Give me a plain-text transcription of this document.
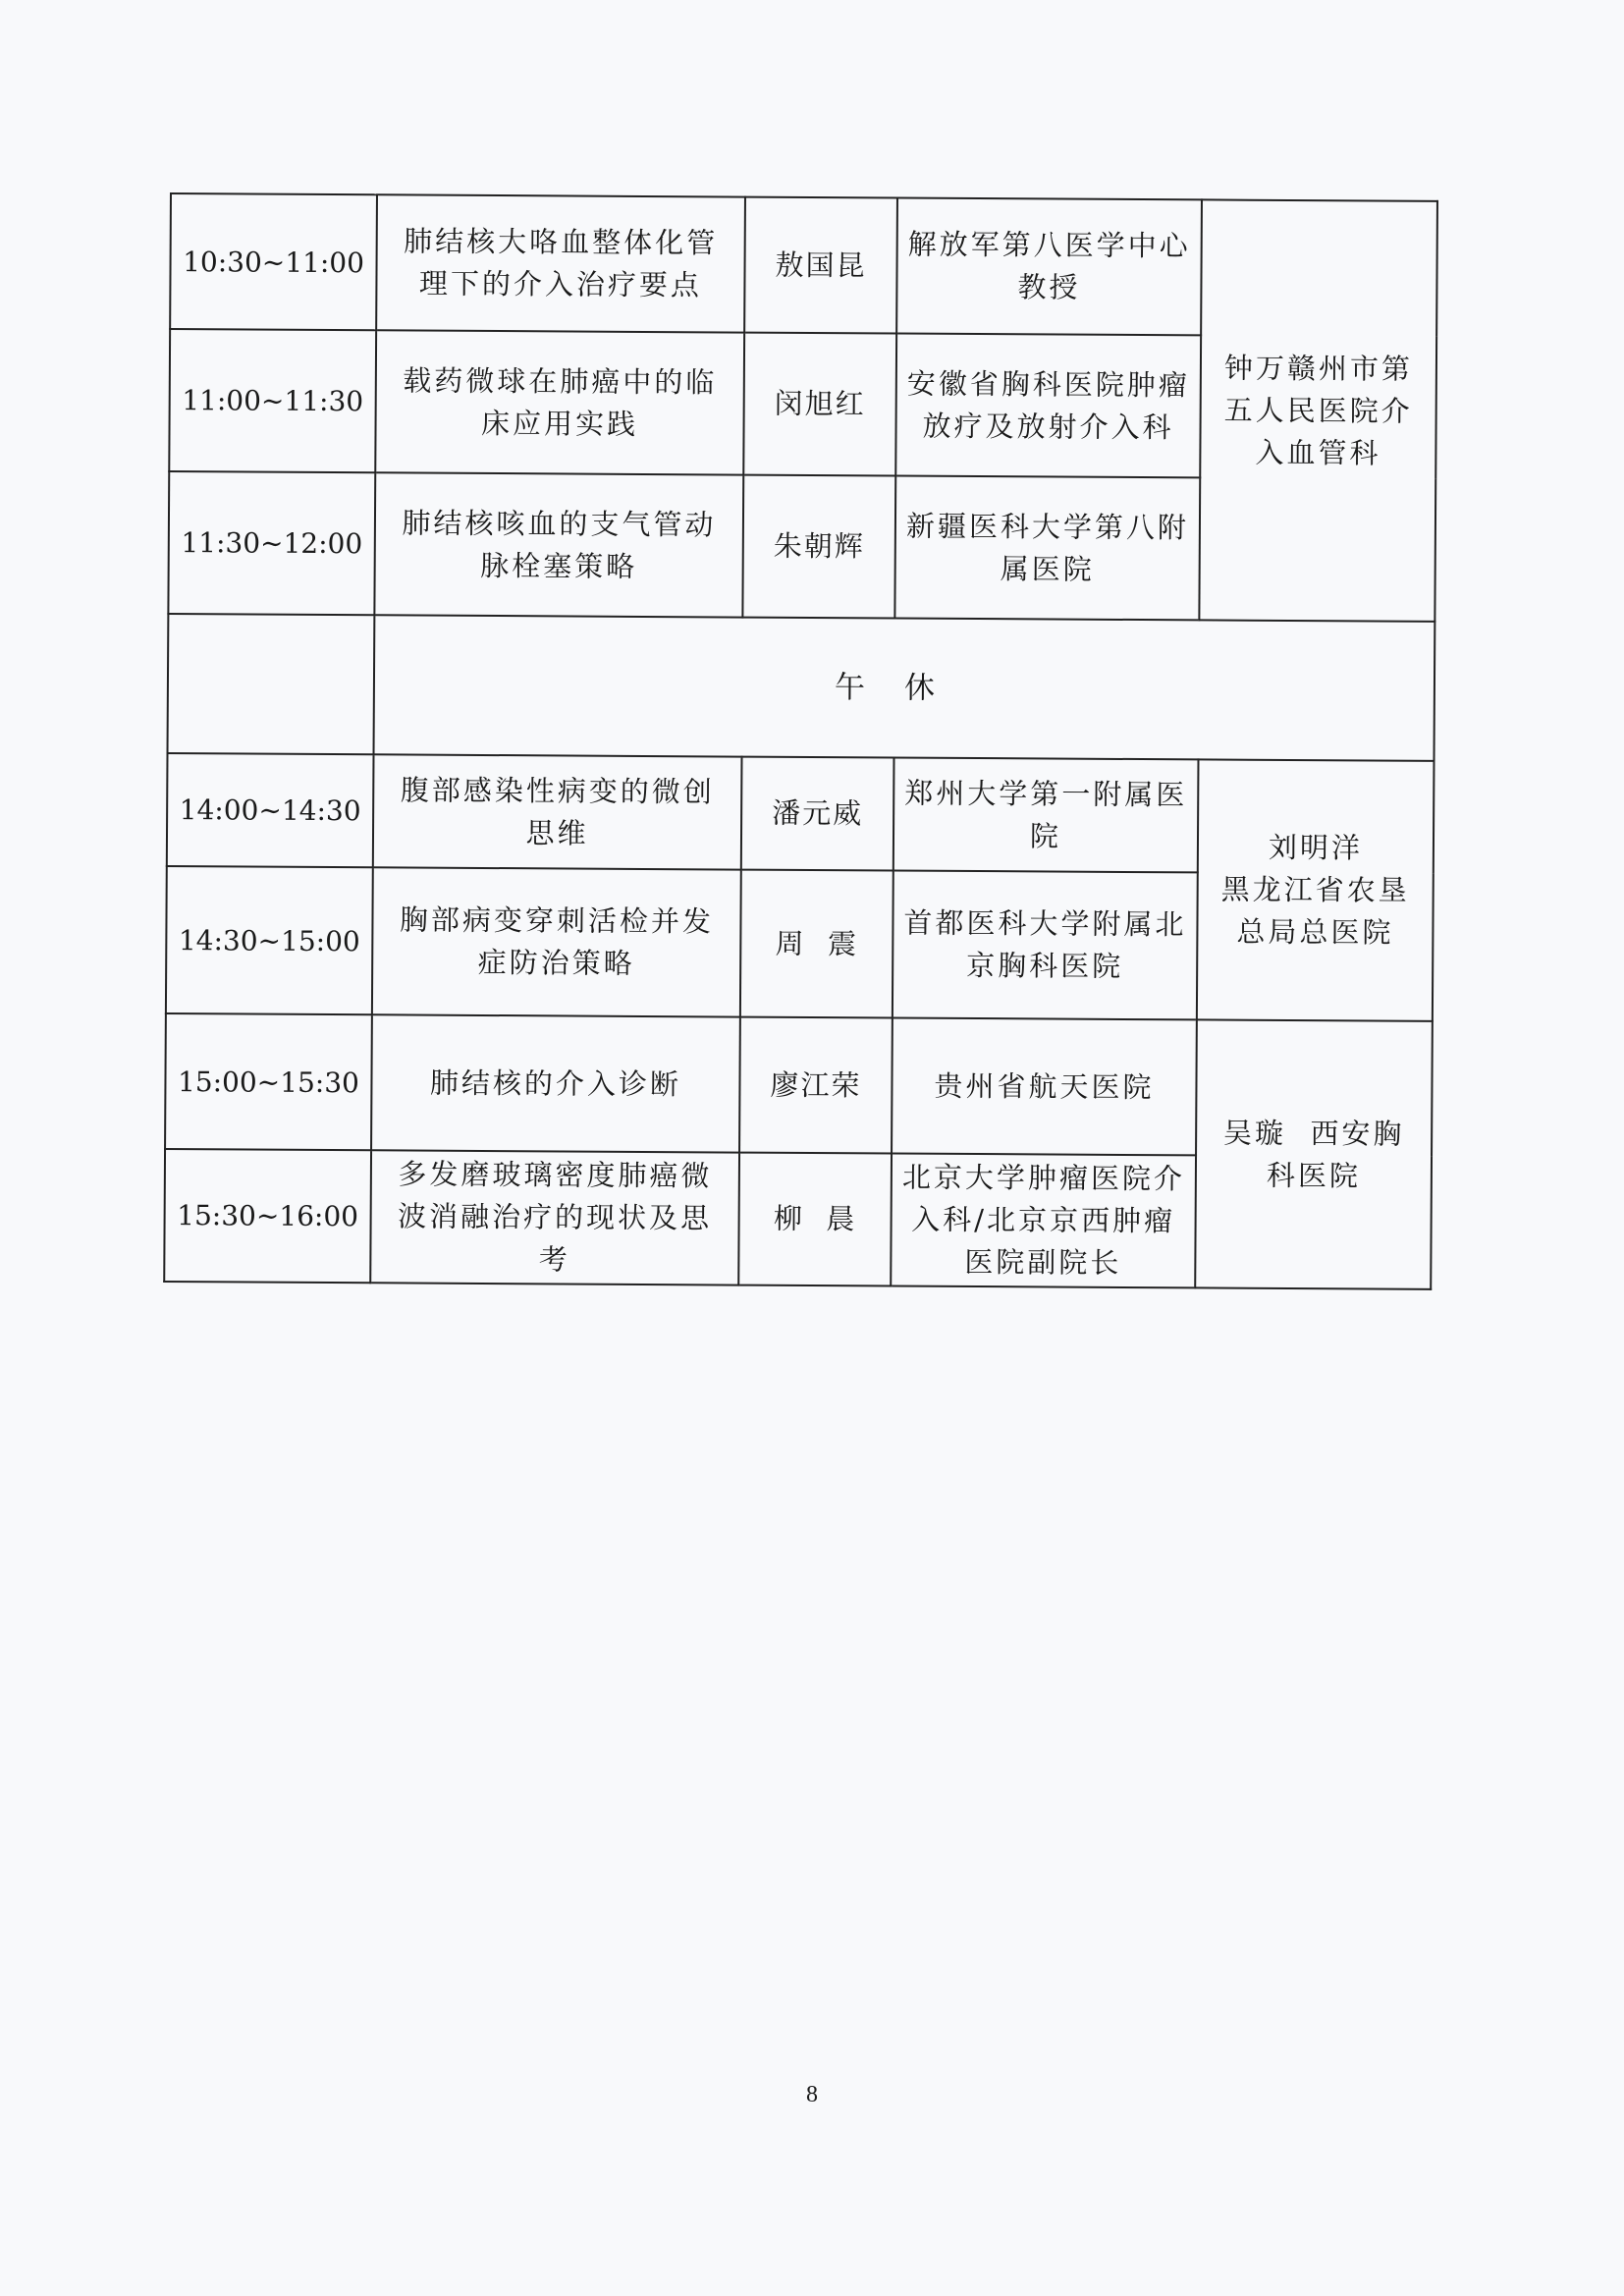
10:30~11:00	肺结核大咯血整体化管理下的介入治疗要点	敖国昆	解放军第八医学中心教授	钟万赣州市第五人民医院介入血管科
11:00~11:30	载药微球在肺癌中的临床应用实践	闵旭红	安徽省胸科医院肿瘤放疗及放射介入科	
11:30~12:00	肺结核咳血的支气管动脉栓塞策略	朱朝辉	新疆医科大学第八附属医院	
	午休			
14:00~14:30	腹部感染性病变的微创思维	潘元威	郑州大学第一附属医院	刘明洋
黑龙江省农垦总局总医院

14:30~15:00	胸部病变穿刺活检并发症防治策略	周  震	首都医科大学附属北京胸科医院	
15:00~15:30	肺结核的介入诊断	廖江荣	贵州省航天医院	吴璇  西安胸科医院
15:30~16:00	多发磨玻璃密度肺癌微波消融治疗的现状及思考	柳  晨	北京大学肿瘤医院介入科/北京京西肿瘤医院副院长	
8
